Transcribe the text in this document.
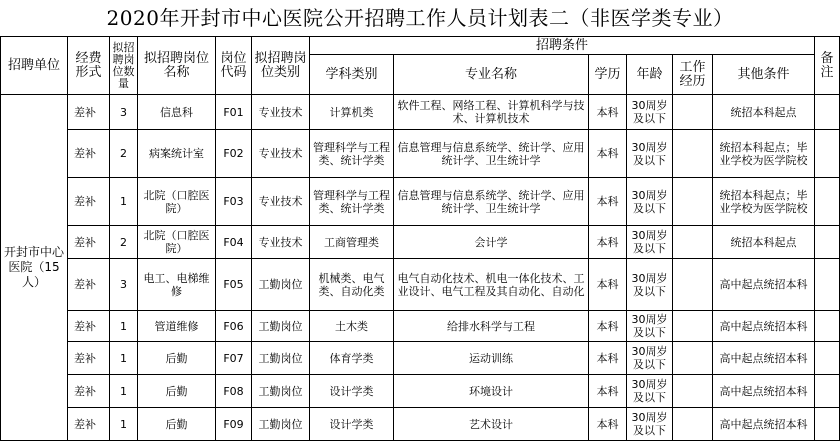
2020年开封市中心医院公开招聘工作人员计划表二（非医学类专业）
招聘单位	经费形式	拟招聘岗位数量	拟招聘岗位名称	岗位代码	拟招聘岗位类别	招聘条件						备注
						学科类别	专业名称	学历	年龄	工作经历	其他条件	
开封市中心医院（15人）	差补	3	信息科	F01	专业技术	计算机类	软件工程、网络工程、计算机科学与技术、计算机技术	本科	30周岁及以下		统招本科起点	
	差补	2	病案统计室	F02	专业技术	管理科学与工程类、统计学类	信息管理与信息系统学、统计学、应用统计学、卫生统计学	本科	30周岁及以下		统招本科起点；毕业学校为医学院校	
	差补	1	北院（口腔医院）	F03	专业技术	管理科学与工程类、统计学类	信息管理与信息系统学、统计学、应用统计学、卫生统计学	本科	30周岁及以下		统招本科起点；毕业学校为医学院校	
	差补	2	北院（口腔医院）	F04	专业技术	工商管理类	会计学	本科	30周岁及以下		统招本科起点	
	差补	3	电工、电梯维修	F05	工勤岗位	机械类、电气类、自动化类	电气自动化技术、机电一体化技术、工业设计、电气工程及其自动化、自动化	本科	30周岁及以下		高中起点统招本科	
	差补	1	管道维修	F06	工勤岗位	土木类	给排水科学与工程	本科	30周岁及以下		高中起点统招本科	
	差补	1	后勤	F07	工勤岗位	体育学类	运动训练	本科	30周岁及以下		高中起点统招本科	
	差补	1	后勤	F08	工勤岗位	设计学类	环境设计	本科	30周岁及以下		高中起点统招本科	
	差补	1	后勤	F09	工勤岗位	设计学类	艺术设计	本科	30周岁及以下		高中起点统招本科	
